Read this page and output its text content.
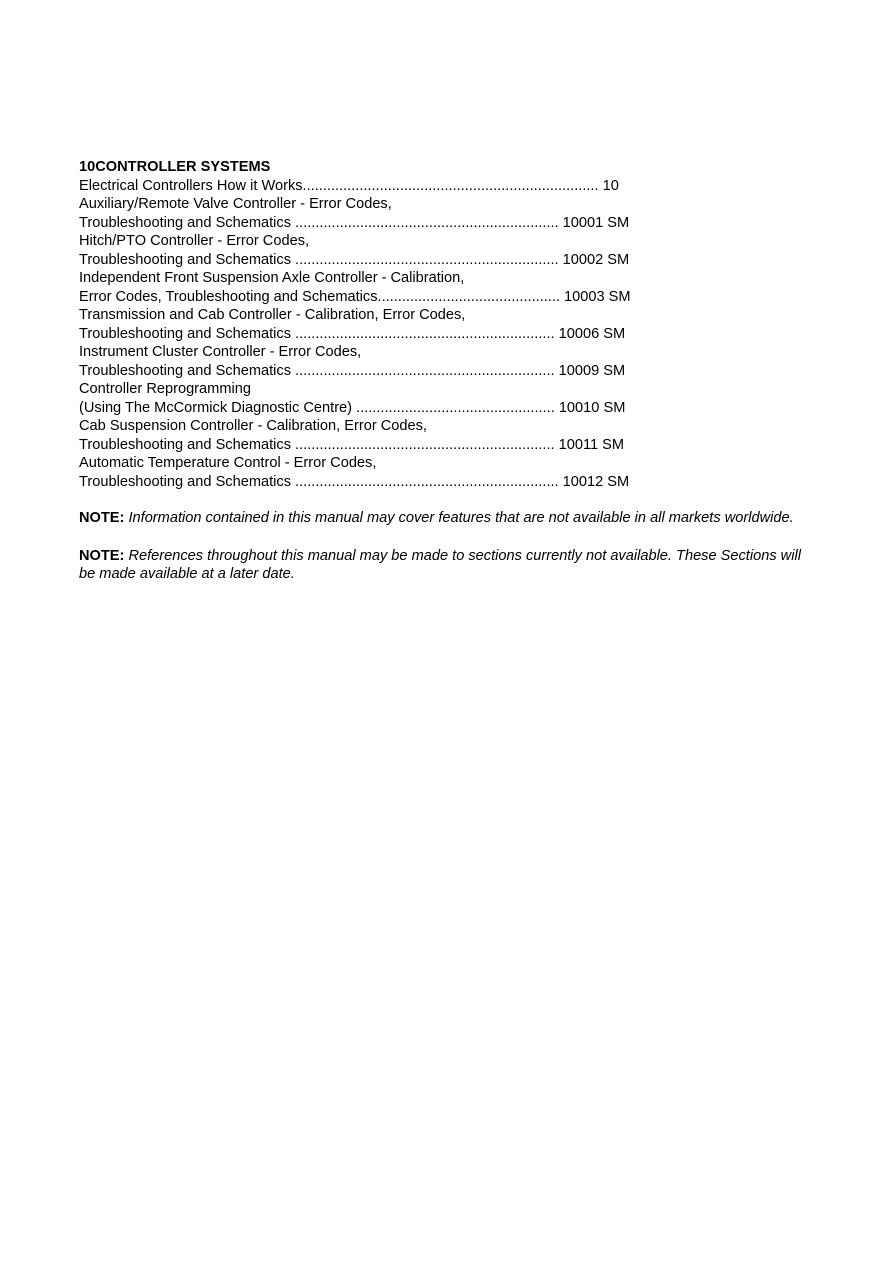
10CONTROLLER SYSTEMS

Electrical Controllers How it Works......................................................................... 10

Auxiliary/Remote Valve Controller - Error Codes,

Troubleshooting and Schematics ................................................................. 10001 SM

Hitch/PTO Controller - Error Codes,

Troubleshooting and Schematics ................................................................. 10002 SM

Independent Front Suspension Axle Controller - Calibration,

Error Codes, Troubleshooting and Schematics............................................. 10003 SM

Transmission and Cab Controller - Calibration, Error Codes,

Troubleshooting and Schematics ................................................................ 10006 SM

Instrument Cluster Controller - Error Codes,

Troubleshooting and Schematics ................................................................ 10009 SM

Controller Reprogramming

(Using The McCormick Diagnostic Centre) ................................................. 10010 SM

Cab Suspension Controller - Calibration, Error Codes,

Troubleshooting and Schematics ................................................................ 10011 SM

Automatic Temperature Control - Error Codes,

Troubleshooting and Schematics ................................................................. 10012 SM

NOTE: Information contained in this manual may cover features that are not available in all markets worldwide.

NOTE: References throughout this manual may be made to sections currently not available. These Sections will be made available at a later date.
